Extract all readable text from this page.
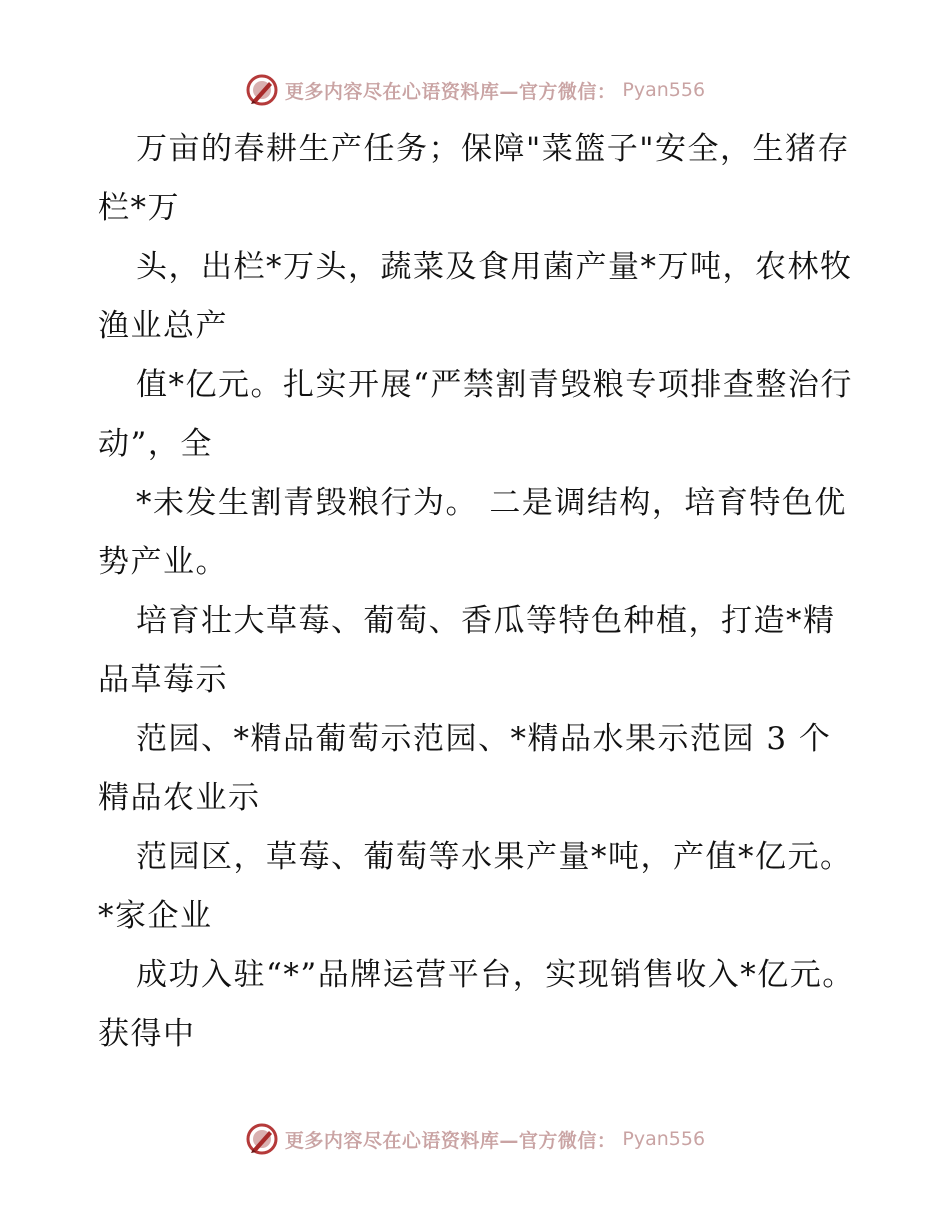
更多内容尽在心语资料库—官方微信： Pyan556

万亩的春耕生产任务；保障"菜篮子"安全，生猪存栏*万

头，出栏*万头，蔬菜及食用菌产量*万吨，农林牧渔业总产

值*亿元。扎实开展“严禁割青毁粮专项排查整治行动”，全

*未发生割青毁粮行为。 二是调结构，培育特色优势产业。

培育壮大草莓、葡萄、香瓜等特色种植，打造*精品草莓示

范园、*精品葡萄示范园、*精品水果示范园 3 个精品农业示

范园区，草莓、葡萄等水果产量*吨，产值*亿元。*家企业

成功入驻“*”品牌运营平台，实现销售收入*亿元。获得中

更多内容尽在心语资料库—官方微信： Pyan556
